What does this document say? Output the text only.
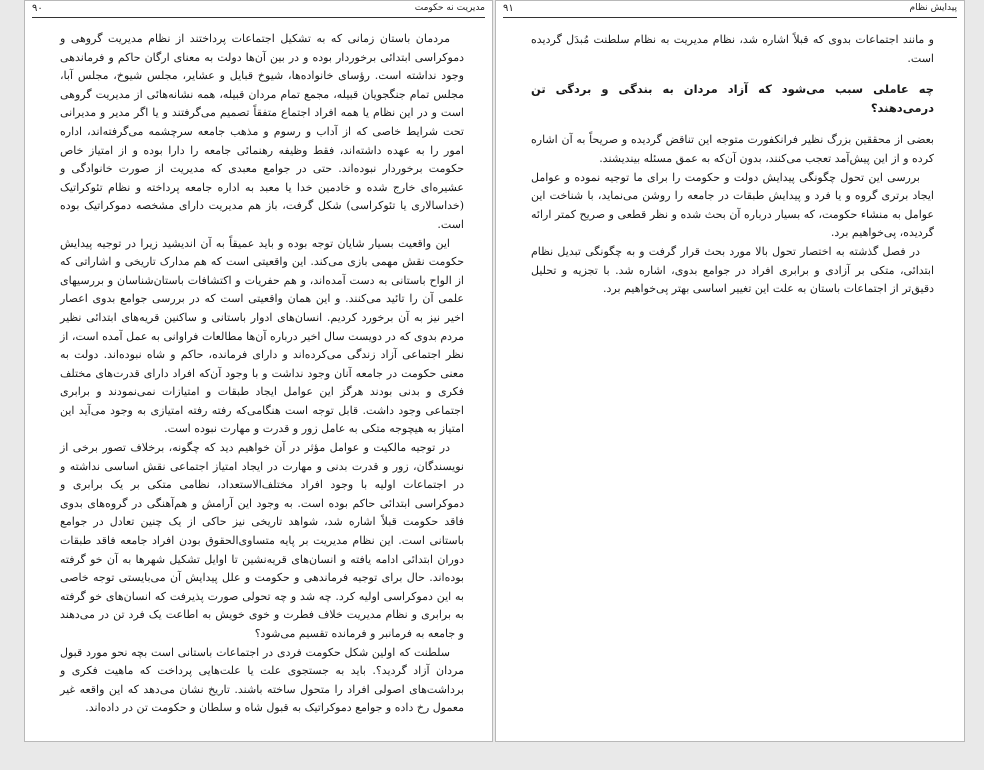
مدیریت نه حکومت
۹۰

مردمان باستان زمانی که به تشکیل اجتماعات پرداختند از نظام مدیریت گروهی و دموکراسی ابتدائی برخوردار بوده و در بین آن‌ها دولت به معنای ارگان حاکم و فرماندهی وجود نداشته است. رؤسای خانواده‌ها، شیوخ قبایل و عشایر، مجلس شیوخ، مجلس آبا، مجلس تمام جنگجویان قبیله، مجمع تمام مردان قبیله، همه نشانه‌هائی از مدیریت گروهی است و در این نظام یا همه افراد اجتماع متفقاً تصمیم می‌گرفتند و یا اگر مدیر و مدیرانی تحت شرایط خاصی که از آداب و رسوم و مذهب جامعه سرچشمه می‌گرفته‌اند، اداره امور را به عهده داشته‌اند، فقط وظیفه رهنمائی جامعه را دارا بوده و از امتیاز خاص حکومت برخوردار نبوده‌اند. حتی در جوامع معبدی که مدیریت از صورت خانوادگی و عشیره‌ای خارج شده و خادمین خدا یا معبد به اداره جامعه پرداخته و نظام تئوکراتیک (خداسالاری یا تئوکراسی) شکل گرفت، باز هم مدیریت دارای مشخصه دموکراتیک بوده است.

این واقعیت بسیار شایان توجه بوده و باید عمیقاً به آن اندیشید زیرا در توجیه پیدایش حکومت نقش مهمی بازی می‌کند. این واقعیتی است که هم مدارک تاریخی و اشاراتی که از الواح باستانی به دست آمده‌اند، و هم حفریات و اکتشافات باستان‌شناسان و بررسیهای علمی آن را تائید می‌کنند. و این همان واقعیتی است که در بررسی جوامع بدوی اعصار اخیر نیز به آن برخورد کردیم. انسان‌های ادوار باستانی و ساکنین قریه‌های ابتدائی نظیر مردم بدوی که در دویست سال اخیر درباره آن‌ها مطالعات فراوانی به عمل آمده است، از نظر اجتماعی آزاد زندگی می‌کرده‌اند و دارای فرمانده، حاکم و شاه نبوده‌اند. دولت به معنی حکومت در جامعه آنان وجود نداشت و با وجود آن‌که افراد دارای قدرت‌های مختلف فکری و بدنی بودند هرگز این عوامل ایجاد طبقات و امتیازات نمی‌نمودند و برابری اجتماعی وجود داشت. قابل توجه است هنگامی‌که رفته رفته امتیازی به وجود می‌آید این امتیاز به هیچوجه متکی به عامل زور و قدرت و مهارت نبوده است.

در توجیه مالکیت و عوامل مؤثر در آن خواهیم دید که چگونه، برخلاف تصور برخی از نویسندگان، زور و قدرت بدنی و مهارت در ایجاد امتیاز اجتماعی نقش اساسی نداشته و در اجتماعات اولیه با وجود افراد مختلف‌الاستعداد، نظامی متکی بر یک برابری و دموکراسی ابتدائی حاکم بوده است. به وجود این آرامش و هم‌آهنگی در گروه‌های بدوی فاقد حکومت قبلاً اشاره شد، شواهد تاریخی نیز حاکی از یک چنین تعادل در جوامع باستانی است. این نظام مدیریت بر پایه متساوی‌الحقوق بودن افراد جامعه فاقد طبقات دوران ابتدائی ادامه یافته و انسان‌های قریه‌نشین تا اوایل تشکیل شهرها به آن خو گرفته بوده‌اند. حال برای توجیه فرماندهی و حکومت و علل پیدایش آن می‌بایستی توجه خاصی به این دموکراسی اولیه کرد. چه شد و چه تحولی صورت پذیرفت که انسان‌های خو گرفته به برابری و نظام مدیریت خلاف فطرت و خوی خویش به اطاعت یک فرد تن در می‌دهند و جامعه به فرمانبر و فرمانده تقسیم می‌شود؟

سلطنت که اولین شکل حکومت فردی در اجتماعات باستانی است بچه نحو مورد قبول مردان آزاد گردید؟. باید به جستجوی علت یا علت‌هایی پرداخت که ماهیت فکری و برداشت‌های اصولی افراد را متحول ساخته باشند. تاریخ نشان می‌دهد که این واقعه غیر معمول رخ داده و جوامع دموکراتیک به قبول شاه و سلطان و حکومت تن در داده‌اند.

پیدایش نظام
۹۱

و مانند اجتماعات بدوی که قبلاً اشاره شد، نظام مدیریت به نظام سلطنت مُبدَل گردیده است.

چه عاملی سبب می‌شود که آزاد مردان به بندگی و بردگی تن درمی‌دهند؟

بعضی از محققین بزرگ نظیر فرانکفورت متوجه این تناقض گردیده و صریحاً به آن اشاره کرده و از این پیش‌آمد تعجب می‌کنند، بدون آن‌که به عمق مسئله بیندیشند.

بررسی این تحول چگونگی پیدایش دولت و حکومت را برای ما توجیه نموده و عوامل ایجاد برتری گروه و یا فرد و پیدایش طبقات در جامعه را روشن می‌نماید، با شناخت این عوامل به منشاء حکومت، که بسیار درباره آن بحث شده و نظر قطعی و صریح کمتر ارائه گردیده، پی‌خواهیم برد.

در فصل گذشته به اختصار تحول بالا مورد بحث قرار گرفت و به چگونگی تبدیل نظام ابتدائی، متکی بر آزادی و برابری افراد در جوامع بدوی، اشاره شد. با تجزیه و تحلیل دقیق‌تر از اجتماعات باستان به علت این تغییر اساسی بهتر پی‌خواهیم برد.
